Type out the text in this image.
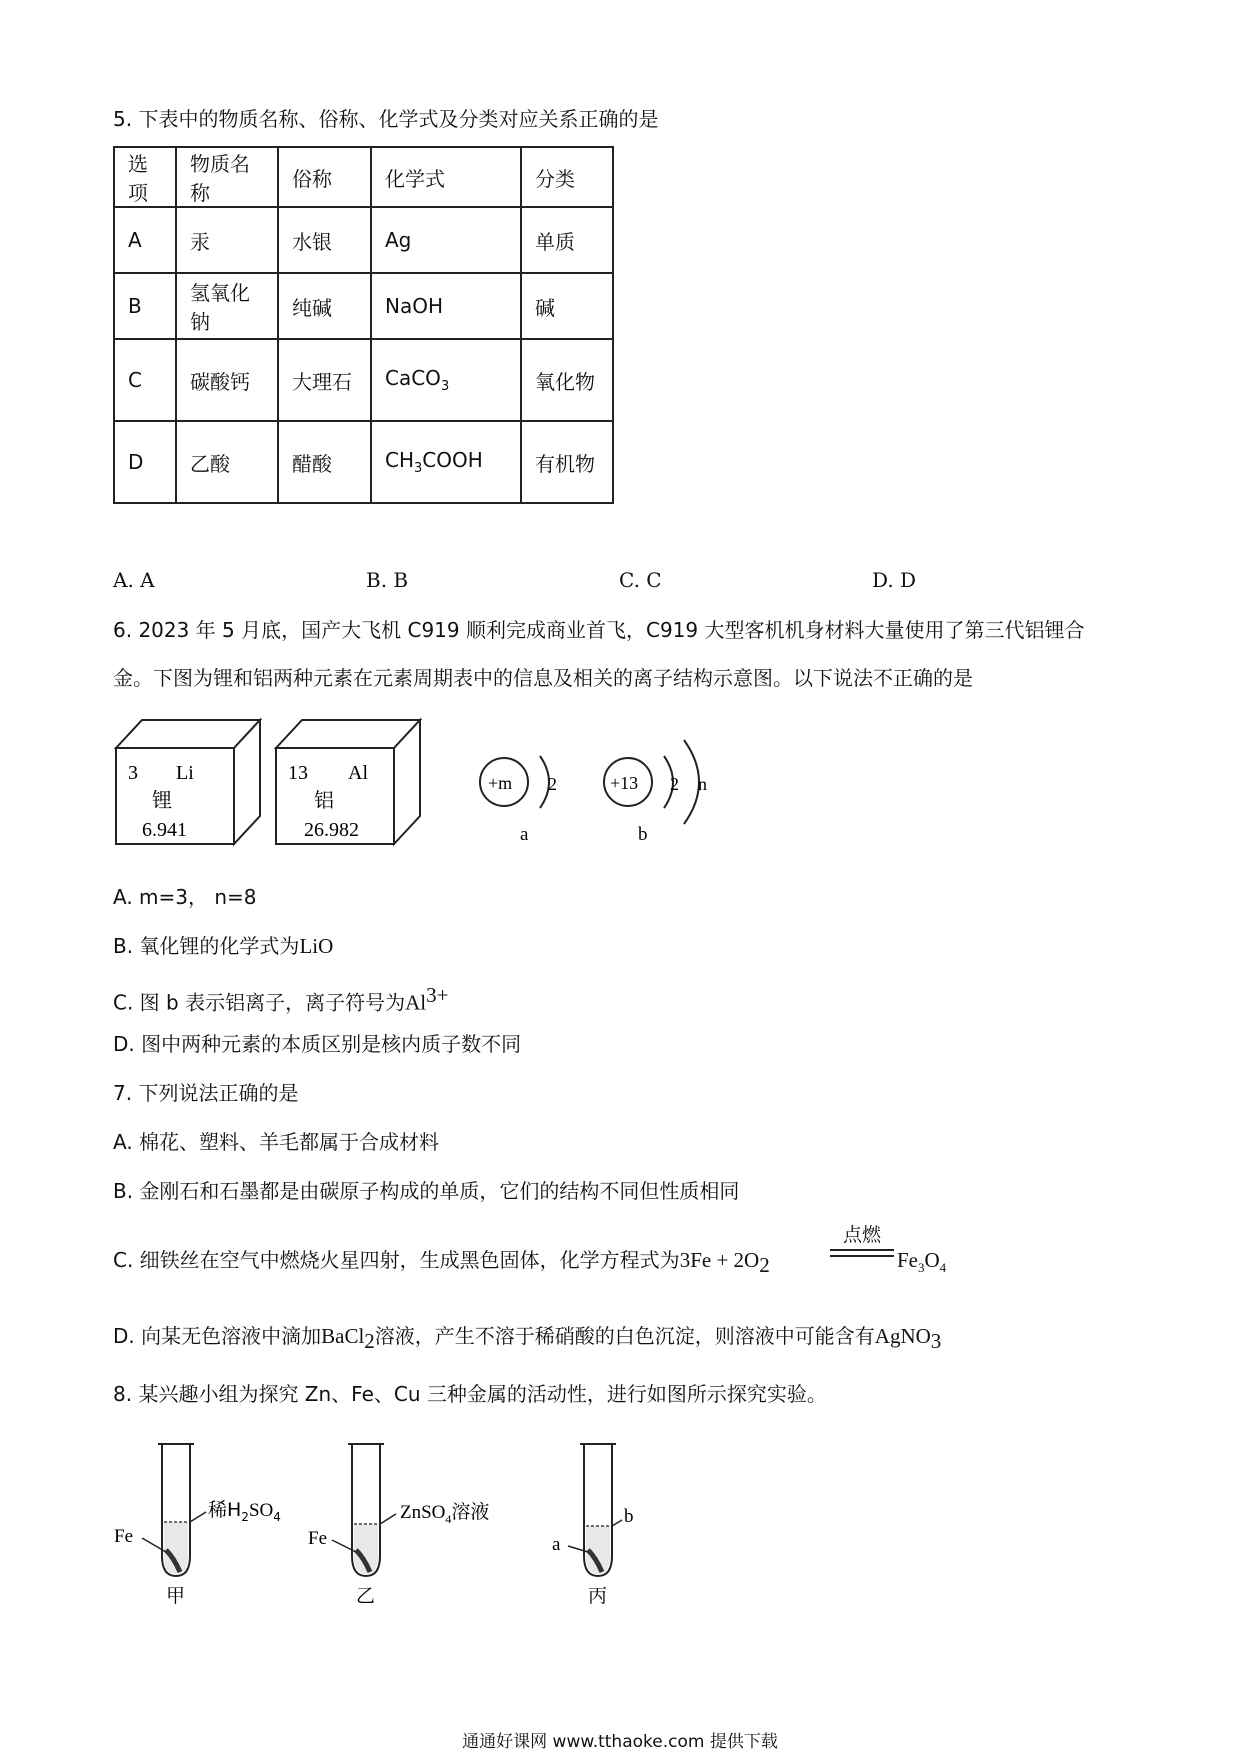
5. 下表中的物质名称、俗称、化学式及分类对应关系正确的是
选项	物质名称	俗称	化学式	分类
A	汞	水银	Ag	单质
B	氢氧化钠	纯碱	NaOH	碱
C	碳酸钙	大理石	CaCO$_3$	氧化物
D	乙酸	醋酸	$CH_3COOH$	有机物
A. A	B. B	C. C	D. D
6. 2023 年 5 月底，国产大飞机 C919 顺利完成商业首飞，C919 大型客机机身材料大量使用了第三代铝锂合
金。下图为锂和铝两种元素在元素周期表中的信息及相关的离子结构示意图。以下说法不正确的是
3 Li
锂
6.941
13 Al
铝
26.982
+m 2
a
+13 2 n
b
A. m=3， n=8
B. 氧化锂的化学式为LiO
C. 图 b 表示铝离子，离子符号为$Al^{3+}$
D. 图中两种元素的本质区别是核内质子数不同
7. 下列说法正确的是
A. 棉花、塑料、羊毛都属于合成材料
B. 金刚石和石墨都是由碳原子构成的单质，它们的结构不同但性质相同
C. 细铁丝在空气中燃烧火星四射，生成黑色固体，化学方程式为$3Fe + 2O_2$
点燃
$Fe_3O_4$
D. 向某无色溶液中滴加BaCl$_2$溶液，产生不溶于稀硝酸的白色沉淀，则溶液中可能含有AgNO$_3$
8. 某兴趣小组为探究 Zn、Fe、Cu 三种金属的活动性，进行如图所示探究实验。
Fe
稀$H_2SO_4$
甲
Fe
ZnSO$_4$溶液
乙
a
b
丙
通通好课网 www.tthaoke.com 提供下载
